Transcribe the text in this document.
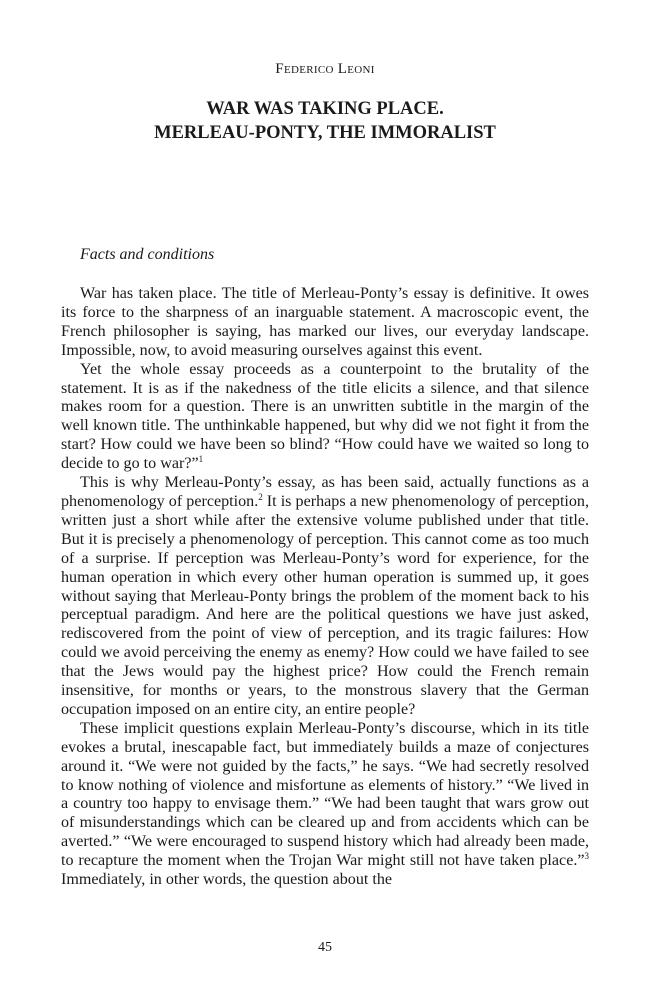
Federico Leoni
WAR WAS TAKING PLACE.
MERLEAU-PONTY, THE IMMORALIST
Facts and conditions

War has taken place. The title of Merleau-Ponty’s essay is definitive. It owes its force to the sharpness of an inarguable statement. A macroscopic event, the French philosopher is saying, has marked our lives, our everyday landscape. Impossible, now, to avoid measuring ourselves against this event.

Yet the whole essay proceeds as a counterpoint to the brutality of the statement. It is as if the nakedness of the title elicits a silence, and that silence makes room for a question. There is an unwritten subtitle in the margin of the well known title. The unthinkable happened, but why did we not fight it from the start? How could we have been so blind? “How could have we waited so long to decide to go to war?”$^1$

This is why Merleau-Ponty’s essay, as has been said, actually functions as a phenomenology of perception.$^2$ It is perhaps a new phenomenology of perception, written just a short while after the extensive volume published under that title. But it is precisely a phenomenology of perception. This cannot come as too much of a surprise. If perception was Merleau-Ponty’s word for experience, for the human operation in which every other human operation is summed up, it goes without saying that Merleau-Ponty brings the problem of the moment back to his perceptual paradigm. And here are the political questions we have just asked, rediscovered from the point of view of perception, and its tragic failures: How could we avoid perceiving the enemy as enemy? How could we have failed to see that the Jews would pay the highest price? How could the French remain insensitive, for months or years, to the monstrous slavery that the German occupation imposed on an entire city, an entire people?

These implicit questions explain Merleau-Ponty’s discourse, which in its title evokes a brutal, inescapable fact, but immediately builds a maze of conjectures around it. “We were not guided by the facts,” he says. “We had secretly resolved to know nothing of violence and misfortune as elements of history.” “We lived in a country too happy to envisage them.” “We had been taught that wars grow out of misunderstandings which can be cleared up and from accidents which can be averted.” “We were encouraged to suspend history which had already been made, to recapture the moment when the Trojan War might still not have taken place.”$^3$ Immediately, in other words, the question about the

45
